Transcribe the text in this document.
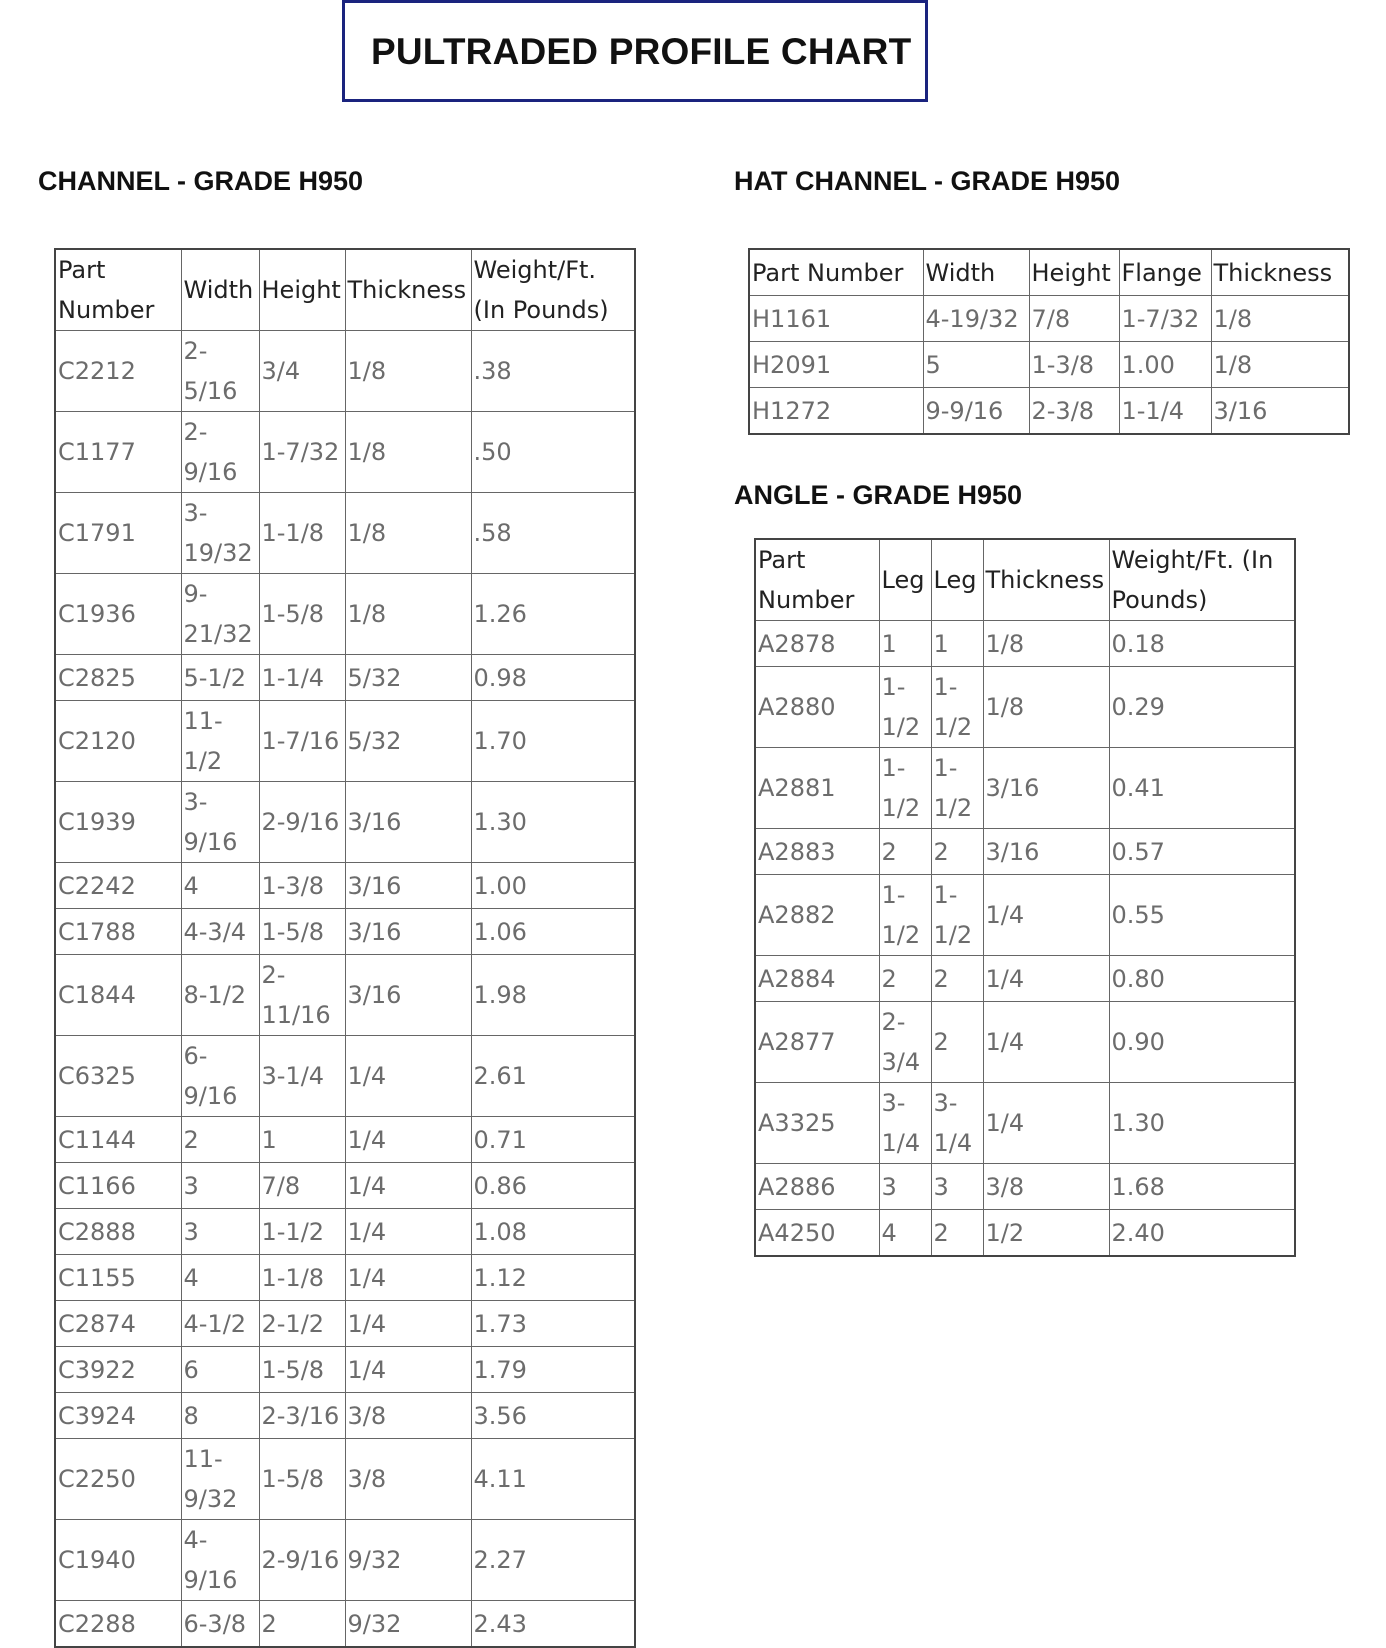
PULTRADED PROFILE CHART
CHANNEL - GRADE H950
Part Number	Width	Height	Thickness	Weight/Ft. (In Pounds)
C2212	2-5/16	3/4	1/8	.38
C1177	2-9/16	1-7/32	1/8	.50
C1791	3-19/32	1-1/8	1/8	.58
C1936	9-21/32	1-5/8	1/8	1.26
C2825	5-1/2	1-1/4	5/32	0.98
C2120	11-1/2	1-7/16	5/32	1.70
C1939	3-9/16	2-9/16	3/16	1.30
C2242	4	1-3/8	3/16	1.00
C1788	4-3/4	1-5/8	3/16	1.06
C1844	8-1/2	2-11/16	3/16	1.98
C6325	6-9/16	3-1/4	1/4	2.61
C1144	2	1	1/4	0.71
C1166	3	7/8	1/4	0.86
C2888	3	1-1/2	1/4	1.08
C1155	4	1-1/8	1/4	1.12
C2874	4-1/2	2-1/2	1/4	1.73
C3922	6	1-5/8	1/4	1.79
C3924	8	2-3/16	3/8	3.56
C2250	11-9/32	1-5/8	3/8	4.11
C1940	4-9/16	2-9/16	9/32	2.27
C2288	6-3/8	2	9/32	2.43
HAT CHANNEL - GRADE H950
Part Number	Width	Height	Flange	Thickness
H1161	4-19/32	7/8	1-7/32	1/8
H2091	5	1-3/8	1.00	1/8
H1272	9-9/16	2-3/8	1-1/4	3/16
ANGLE - GRADE H950
Part Number	Leg	Leg	Thickness	Weight/Ft. (In Pounds)
A2878	1	1	1/8	0.18
A2880	1-1/2	1-1/2	1/8	0.29
A2881	1-1/2	1-1/2	3/16	0.41
A2883	2	2	3/16	0.57
A2882	1-1/2	1-1/2	1/4	0.55
A2884	2	2	1/4	0.80
A2877	2-3/4	2	1/4	0.90
A3325	3-1/4	3-1/4	1/4	1.30
A2886	3	3	3/8	1.68
A4250	4	2	1/2	2.40
